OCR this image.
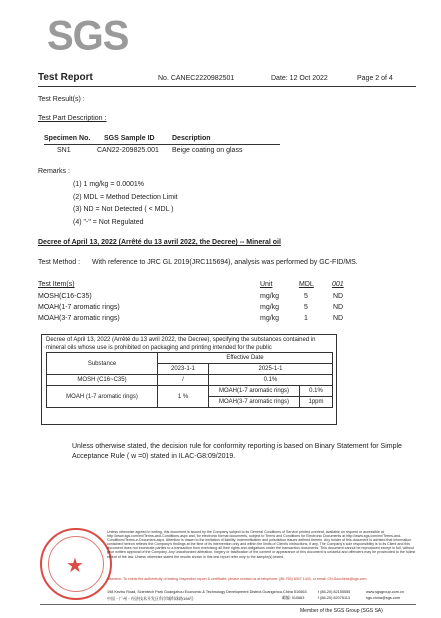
SGS
Test Report	No. CANEC2220982501	Date: 12 Oct 2022	Page 2 of 4
Test Result(s) :
Test Part Description :
Specimen No. SGS Sample ID Description
SN1	CAN22-209825.001 Beige coating on glass
Remarks :
(1) 1 mg/kg = 0.0001%
(2) MDL = Method Detection Limit
(3) ND = Not Detected ( < MDL )
(4) "-" = Not Regulated
Decree of April 13, 2022 (Arrêté du 13 avril 2022, the Decree) -- Mineral oil
Test Method : With reference to JRC GL 2019(JRC115694), analysis was performed by GC-FID/MS.
Test Item(s)	Unit	MDL	001
MOSH(C16-C35)	mg/kg	5	ND
MOAH(1-7 aromatic rings)	mg/kg	5	ND
MOAH(3-7 aromatic rings)	mg/kg	1	ND
Decree of April 13, 2022 (Arrêté du 13 avril 2022, the Decree), specifying the substances contained in mineral oils whose use is prohibited on packaging and printing intended for the public
Substance	Effective Date		
	2023-1-1	2025-1-1	
MOSH (C16~C35)	/	0.1%	
MOAH (1-7 aromatic rings)	1 %	MOAH(1-7 aromatic rings)	0.1%
		MOAH(3-7 aromatic rings)	1ppm
Unless otherwise stated, the decision rule for conformity reporting is based on Binary Statement for Simple Acceptance Rule ( w =0) stated in ILAC-G8:09/2019.
★
Unless otherwise agreed in writing, this document is issued by the Company subject to its General Conditions of Service printed overleaf, available on request or accessible at http://www.sgs.com/en/Terms-and-Conditions.aspx and, for electronic format documents, subject to Terms and Conditions for Electronic Documents at http://www.sgs.com/en/Terms-and-Conditions/Terms-e-Document.aspx. Attention is drawn to the limitation of liability, indemnification and jurisdiction issues defined therein. Any holder of this document is advised that information contained hereon reflects the Company's findings at the time of its intervention only and within the limits of Client's instructions, if any. The Company's sole responsibility is to its Client and this document does not exonerate parties to a transaction from exercising all their rights and obligations under the transaction documents. This document cannot be reproduced except in full, without prior written approval of the Company. Any unauthorized alteration, forgery or falsification of the content or appearance of this document is unlawful and offenders may be prosecuted to the fullest extent of the law. Unless otherwise stated the results shown in this test report refer only to the sample(s) tested.
Attention: To check the authenticity of testing /inspection report & certificate, please contact us at telephone: (86-755) 8307 1443, or email: CN.Doccheck@sgs.com
198 Kezhu Road, Scientech Park Guangzhou Economic & Technology Development District,Guangzhou,China 510663
中国・广州・经济技术开发区科学城科珠路198号	邮编: 510663
t (86-20) 82155555
f (86-20) 82075113
www.sgsgroup.com.cn
sgs.china@sgs.com
Member of the SGS Group (SGS SA)
